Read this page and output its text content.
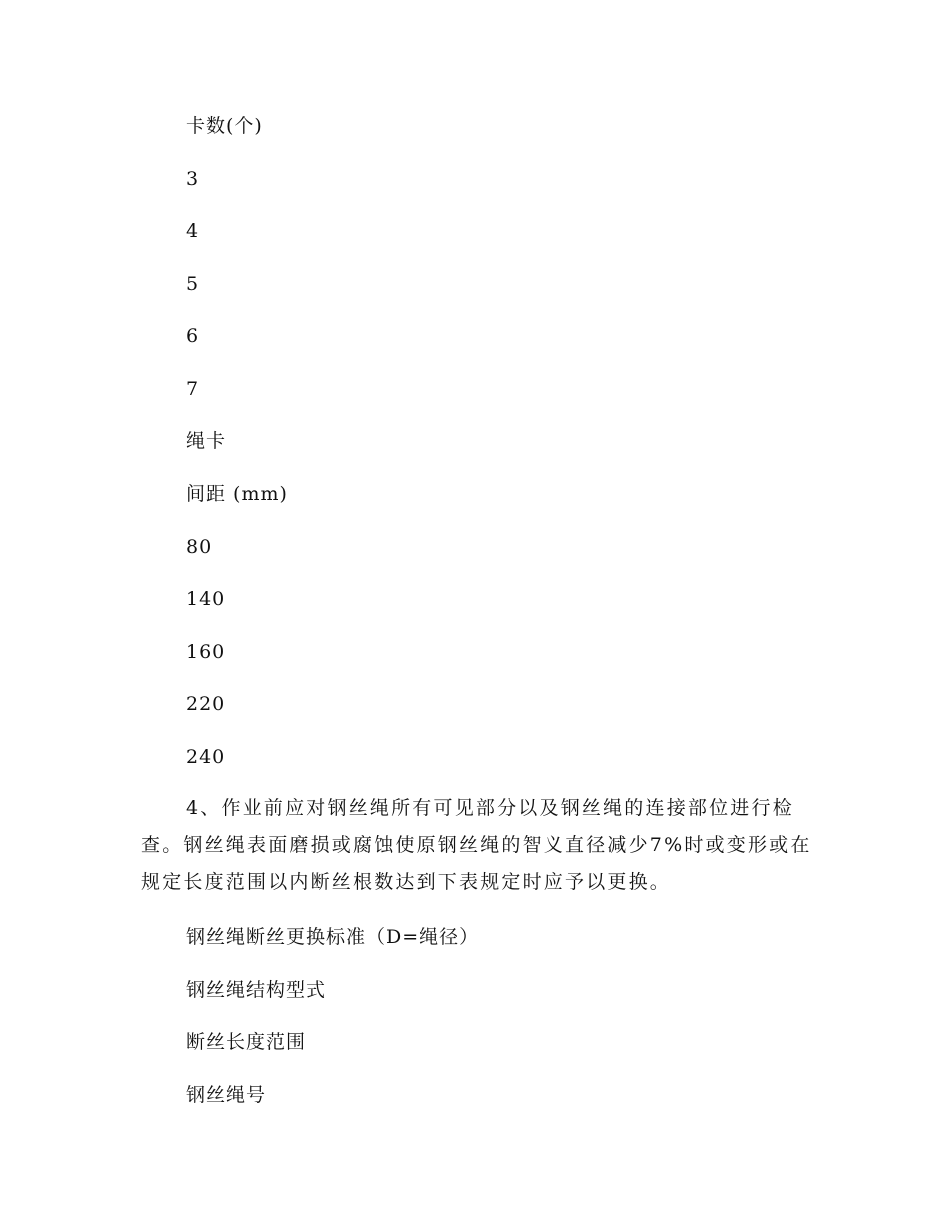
卡数(个)
3
4
5
6
7
绳卡
间距 (mm)
80
140
160
220
240
4、作业前应对钢丝绳所有可见部分以及钢丝绳的连接部位进行检查。钢丝绳表面磨损或腐蚀使原钢丝绳的智义直径减少7%时或变形或在规定长度范围以内断丝根数达到下表规定时应予以更换。
钢丝绳断丝更换标准（D=绳径）
钢丝绳结构型式
断丝长度范围
钢丝绳号
